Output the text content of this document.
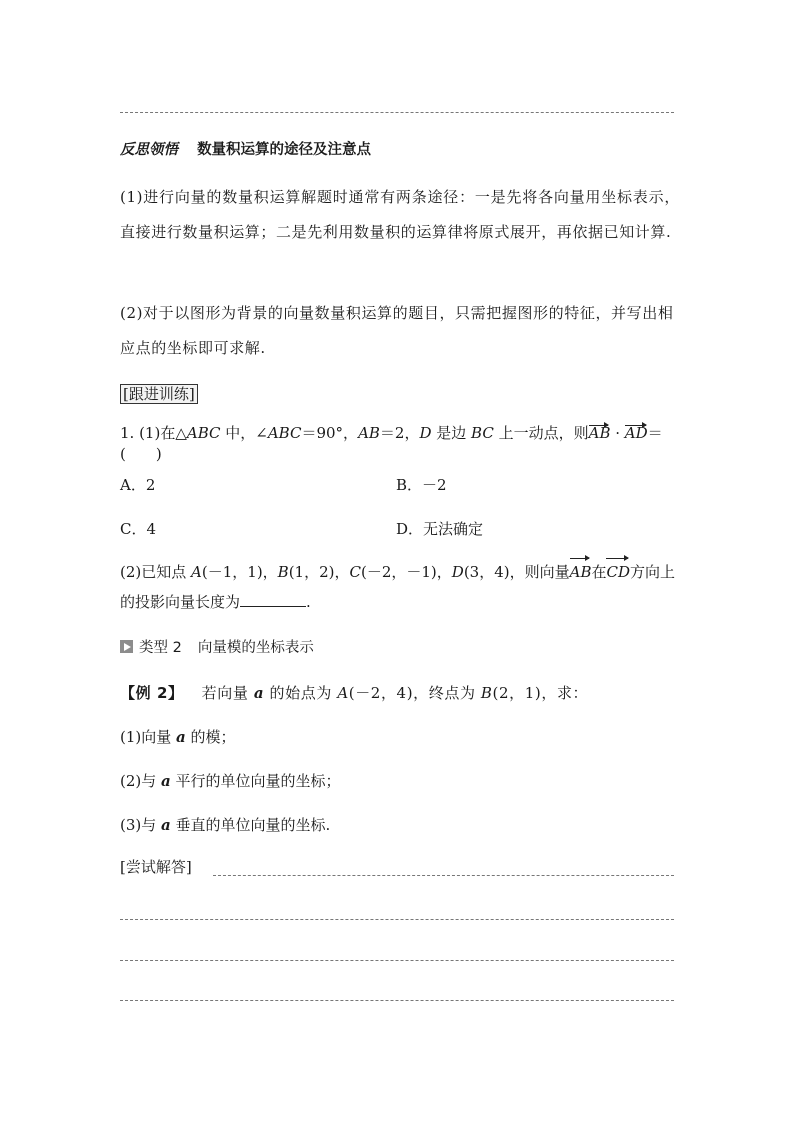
反思领悟 数量积运算的途径及注意点
(1)进行向量的数量积运算解题时通常有两条途径：一是先将各向量用坐标表示，直接进行数量积运算；二是先利用数量积的运算律将原式展开，再依据已知计算.
(2)对于以图形为背景的向量数量积运算的题目，只需把握图形的特征，并写出相应点的坐标即可求解.
[跟进训练]
1. (1)在△ABC 中，∠ABC＝90°，AB＝2，D 是边 BC 上一动点，则AB · AD＝(　　)
A．2	B．－2
C．4	D．无法确定
(2)已知点 A(－1，1)，B(1，2)，C(－2，－1)，D(3，4)，则向量AB在CD方向上
的投影向量长度为	.
类型 2 向量模的坐标表示
【例 2】 若向量 a 的始点为 A(－2，4)，终点为 B(2，1)，求：
(1)向量 a 的模；
(2)与 a 平行的单位向量的坐标；
(3)与 a 垂直的单位向量的坐标.
[尝试解答]
